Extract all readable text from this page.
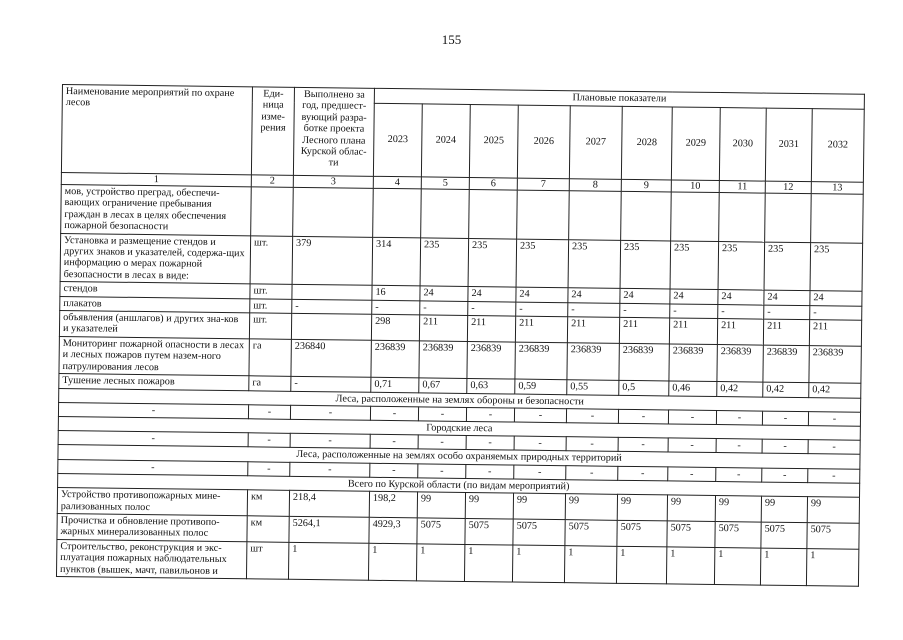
155
Наименование мероприятий по охране лесов	Еди-ница изме-рения	Выполнено за год, предшест-вующий разра-ботке проекта Лесного плана Курской облас-ти	Плановые показатели									
			2023	2024	2025	2026	2027	2028	2029	2030	2031	2032
1	2	3	4	5	6	7	8	9	10	11	12	13
мов, устройство преград, обеспечи-вающих ограничение пребывания граждан в лесах в целях обеспечения пожарной безопасности												
Установка и размещение стендов и других знаков и указателей, содержа-щих информацию о мерах пожарной безопасности в лесах в виде:	шт.	379	314	235	235	235	235	235	235	235	235	235
стендов	шт.		16	24	24	24	24	24	24	24	24	24
плакатов	шт.	-	-	-	-	-	-	-	-	-	-	-
объявления (аншлагов) и других зна-ков и указателей	шт.		298	211	211	211	211	211	211	211	211	211
Мониторинг пожарной опасности в лесах и лесных пожаров путем назем-ного патрулирования лесов	га	236840	236839	236839	236839	236839	236839	236839	236839	236839	236839	236839
Тушение лесных пожаров	га	-	0,71	0,67	0,63	0,59	0,55	0,5	0,46	0,42	0,42	0,42
Леса, расположенные на землях обороны и безопасности												
-	-	-	-	-	-	-	-	-	-	-	-	-
Городские леса												
-	-	-	-	-	-	-	-	-	-	-	-	-
Леса, расположенные на землях особо охраняемых природных территорий												
-	-	-	-	-	-	-	-	-	-	-	-	-
Всего по Курской области (по видам мероприятий)												
Устройство противопожарных мине-рализованных полос	км	218,4	198,2	99	99	99	99	99	99	99	99	99
Прочистка и обновление противопо-жарных минерализованных полос	км	5264,1	4929,3	5075	5075	5075	5075	5075	5075	5075	5075	5075
Строительство, реконструкция и экс-плуатация пожарных наблюдательных пунктов (вышек, мачт, павильонов и	шт	1	1	1	1	1	1	1	1	1	1	1
